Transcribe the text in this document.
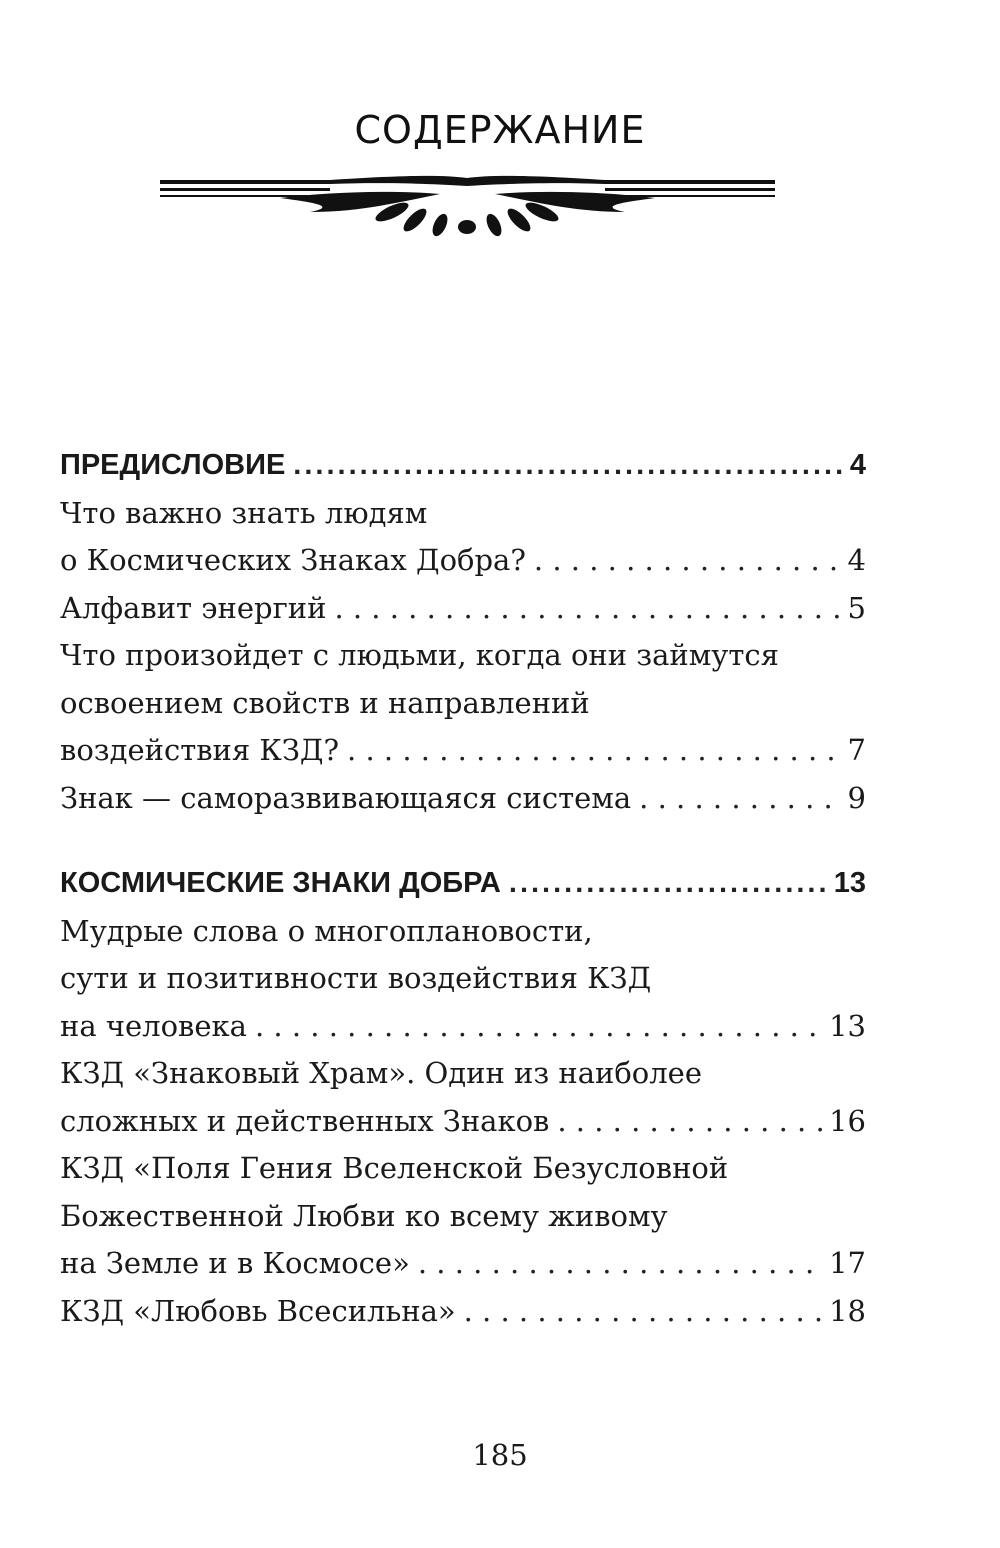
СОДЕРЖАНИЕ
ПРЕДИСЛОВИЕ .....	4
Что важно знать людям
о Космических Знаках Добра? . . .	4
Алфавит энергий . . .	5
Что произойдет с людьми, когда они займутся
освоением свойств и направлений
воздействия КЗД? . . .	7
Знак — саморазвивающаяся система . . .	9
КОСМИЧЕСКИЕ ЗНАКИ ДОБРА .....	13
Мудрые слова о многоплановости,
сути и позитивности воздействия КЗД
на человека . . .	13
КЗД «Знаковый Храм». Один из наиболее
сложных и действенных Знаков . . .	16
КЗД «Поля Гения Вселенской Безусловной
Божественной Любви ко всему живому
на Земле и в Космосе» . . .	17
КЗД «Любовь Всесильна» . . .	18
185
